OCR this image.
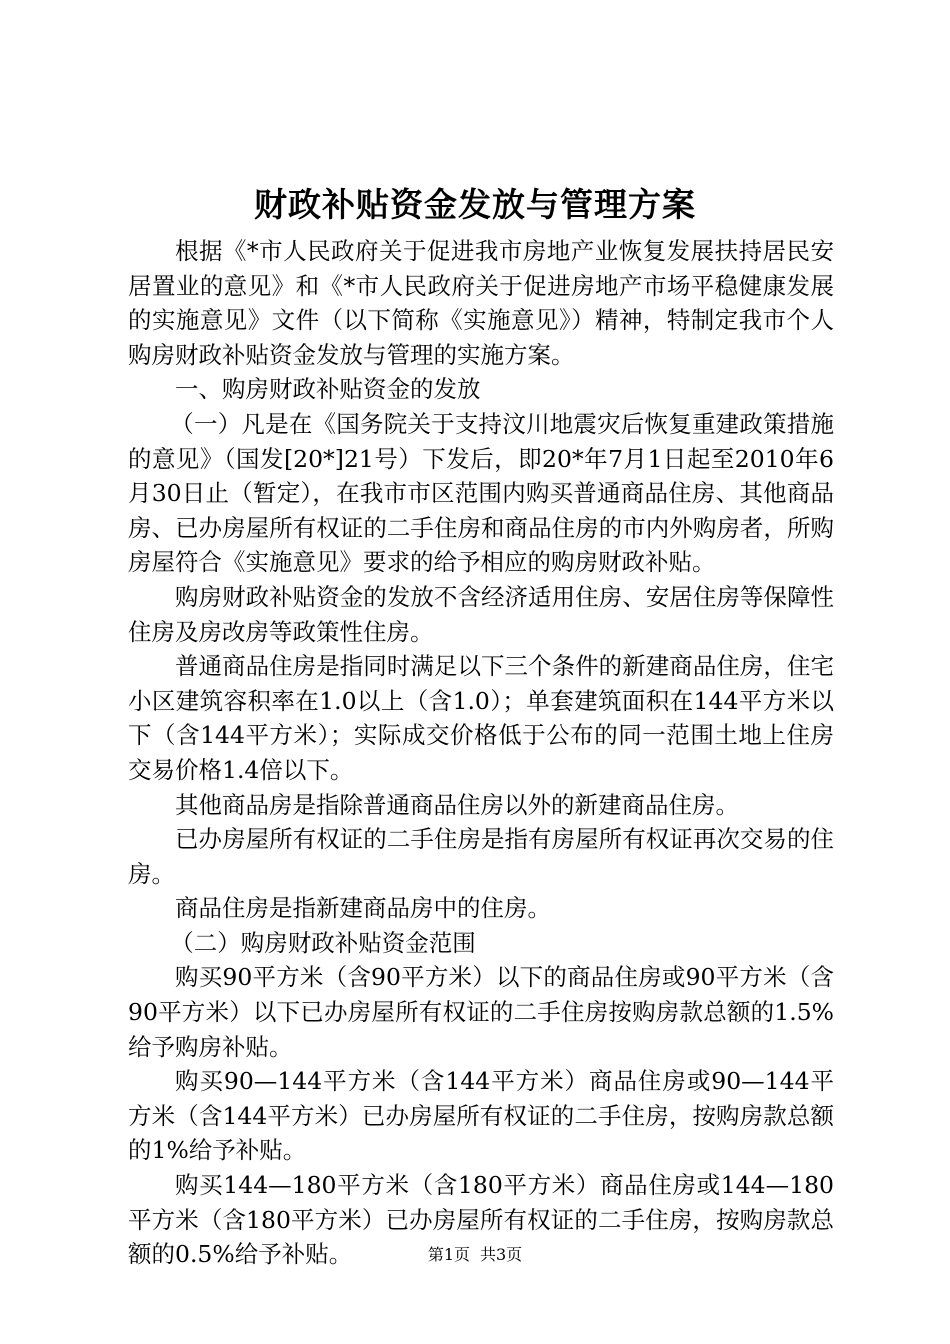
财政补贴资金发放与管理方案

根据《*市人民政府关于促进我市房地产业恢复发展扶持居民安居置业的意见》和《*市人民政府关于促进房地产市场平稳健康发展的实施意见》文件（以下简称《实施意见》）精神，特制定我市个人购房财政补贴资金发放与管理的实施方案。

一、购房财政补贴资金的发放

（一）凡是在《国务院关于支持汶川地震灾后恢复重建政策措施的意见》（国发[20*]21号）下发后，即20*年7月1日起至2010年6月30日止（暂定），在我市市区范围内购买普通商品住房、其他商品房、已办房屋所有权证的二手住房和商品住房的市内外购房者，所购房屋符合《实施意见》要求的给予相应的购房财政补贴。

购房财政补贴资金的发放不含经济适用住房、安居住房等保障性住房及房改房等政策性住房。

普通商品住房是指同时满足以下三个条件的新建商品住房，住宅小区建筑容积率在1.0以上（含1.0）；单套建筑面积在144平方米以下（含144平方米）；实际成交价格低于公布的同一范围土地上住房交易价格1.4倍以下。

其他商品房是指除普通商品住房以外的新建商品住房。

已办房屋所有权证的二手住房是指有房屋所有权证再次交易的住房。

商品住房是指新建商品房中的住房。

（二）购房财政补贴资金范围

购买90平方米（含90平方米）以下的商品住房或90平方米（含90平方米）以下已办房屋所有权证的二手住房按购房款总额的1.5%给予购房补贴。

购买90—144平方米（含144平方米）商品住房或90—144平方米（含144平方米）已办房屋所有权证的二手住房，按购房款总额的1%给予补贴。

购买144—180平方米（含180平方米）商品住房或144—180平方米（含180平方米）已办房屋所有权证的二手住房，按购房款总额的0.5%给予补贴。	第1页 共3页
